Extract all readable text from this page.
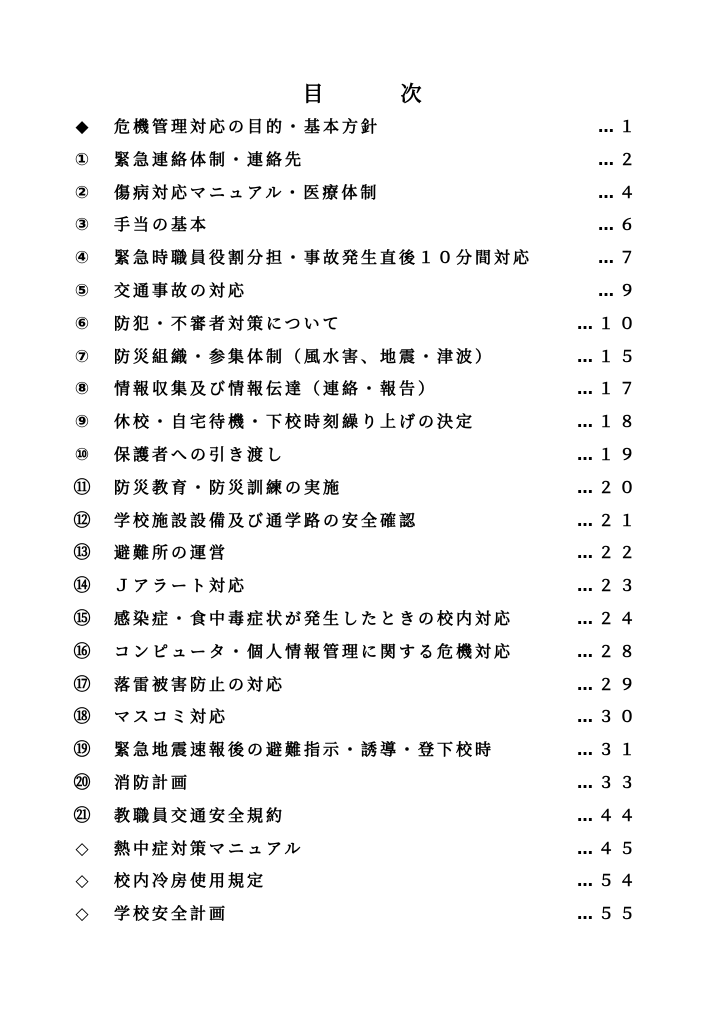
目　次
◆	危機管理対応の目的・基本方針	…１
① 緊急連絡体制・連絡先	…２
② 傷病対応マニュアル・医療体制	…４
③ 手当の基本	…６
④ 緊急時職員役割分担・事故発生直後１０分間対応	…７
⑤ 交通事故の対応	…９
⑥ 防犯・不審者対策について	…１０
⑦ 防災組織・参集体制（風水害、地震・津波）	…１５
⑧ 情報収集及び情報伝達（連絡・報告）	…１７
⑨ 休校・自宅待機・下校時刻繰り上げの決定	…１８
⑩ 保護者への引き渡し	…１９
⑪ 防災教育・防災訓練の実施	…２０
⑫ 学校施設設備及び通学路の安全確認	…２１
⑬ 避難所の運営	…２２
⑭ Ｊアラート対応	…２３
⑮ 感染症・食中毒症状が発生したときの校内対応	…２４
⑯ コンピュータ・個人情報管理に関する危機対応	…２８
⑰ 落雷被害防止の対応	…２９
⑱ マスコミ対応	…３０
⑲ 緊急地震速報後の避難指示・誘導・登下校時	…３１
⑳ 消防計画	…３３
㉑ 教職員交通安全規約	…４４
◇	熱中症対策マニュアル	…４５
◇	校内冷房使用規定	…５４
◇	学校安全計画	…５５
